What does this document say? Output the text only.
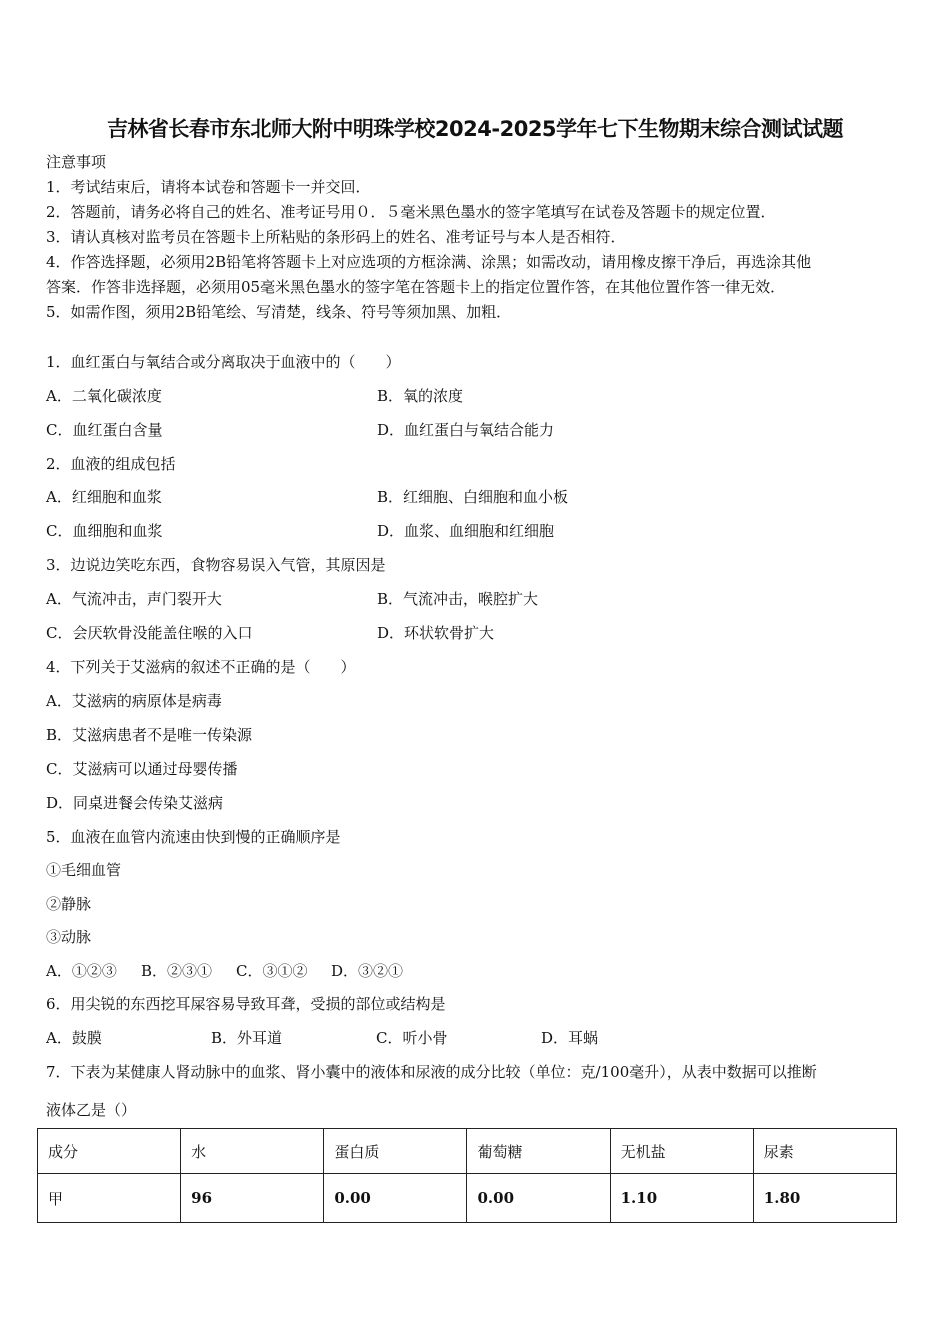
吉林省长春市东北师大附中明珠学校2024-2025学年七下生物期末综合测试试题
注意事项
1．考试结束后，请将本试卷和答题卡一并交回．
2．答题前，请务必将自己的姓名、准考证号用０．５毫米黑色墨水的签字笔填写在试卷及答题卡的规定位置．
3．请认真核对监考员在答题卡上所粘贴的条形码上的姓名、准考证号与本人是否相符．
4．作答选择题，必须用2B铅笔将答题卡上对应选项的方框涂满、涂黑；如需改动，请用橡皮擦干净后，再选涂其他
答案．作答非选择题，必须用05毫米黑色墨水的签字笔在答题卡上的指定位置作答，在其他位置作答一律无效．
5．如需作图，须用2B铅笔绘、写清楚，线条、符号等须加黑、加粗．
1．血红蛋白与氧结合或分离取决于血液中的（　　）
A．二氧化碳浓度	B．氧的浓度
C．血红蛋白含量	D．血红蛋白与氧结合能力
2．血液的组成包括
A．红细胞和血浆	B．红细胞、白细胞和血小板
C．血细胞和血浆	D．血浆、血细胞和红细胞
3．边说边笑吃东西，食物容易误入气管，其原因是
A．气流冲击，声门裂开大	B．气流冲击，喉腔扩大
C．会厌软骨没能盖住喉的入口	D．环状软骨扩大
4．下列关于艾滋病的叙述不正确的是（　　）
A．艾滋病的病原体是病毒
B．艾滋病患者不是唯一传染源
C．艾滋病可以通过母婴传播
D．同桌进餐会传染艾滋病
5．血液在血管内流速由快到慢的正确顺序是
①毛细血管
②静脉
③动脉
A．①②③ B．②③① C．③①② D．③②①
6．用尖锐的东西挖耳屎容易导致耳聋，受损的部位或结构是
A．鼓膜	B．外耳道	C．听小骨	D．耳蜗
7．下表为某健康人肾动脉中的血浆、肾小囊中的液体和尿液的成分比较（单位：克/100毫升），从表中数据可以推断
液体乙是（）
成分	水	蛋白质	葡萄糖	无机盐	尿素
甲	96	0.00	0.00	1.10	1.80
